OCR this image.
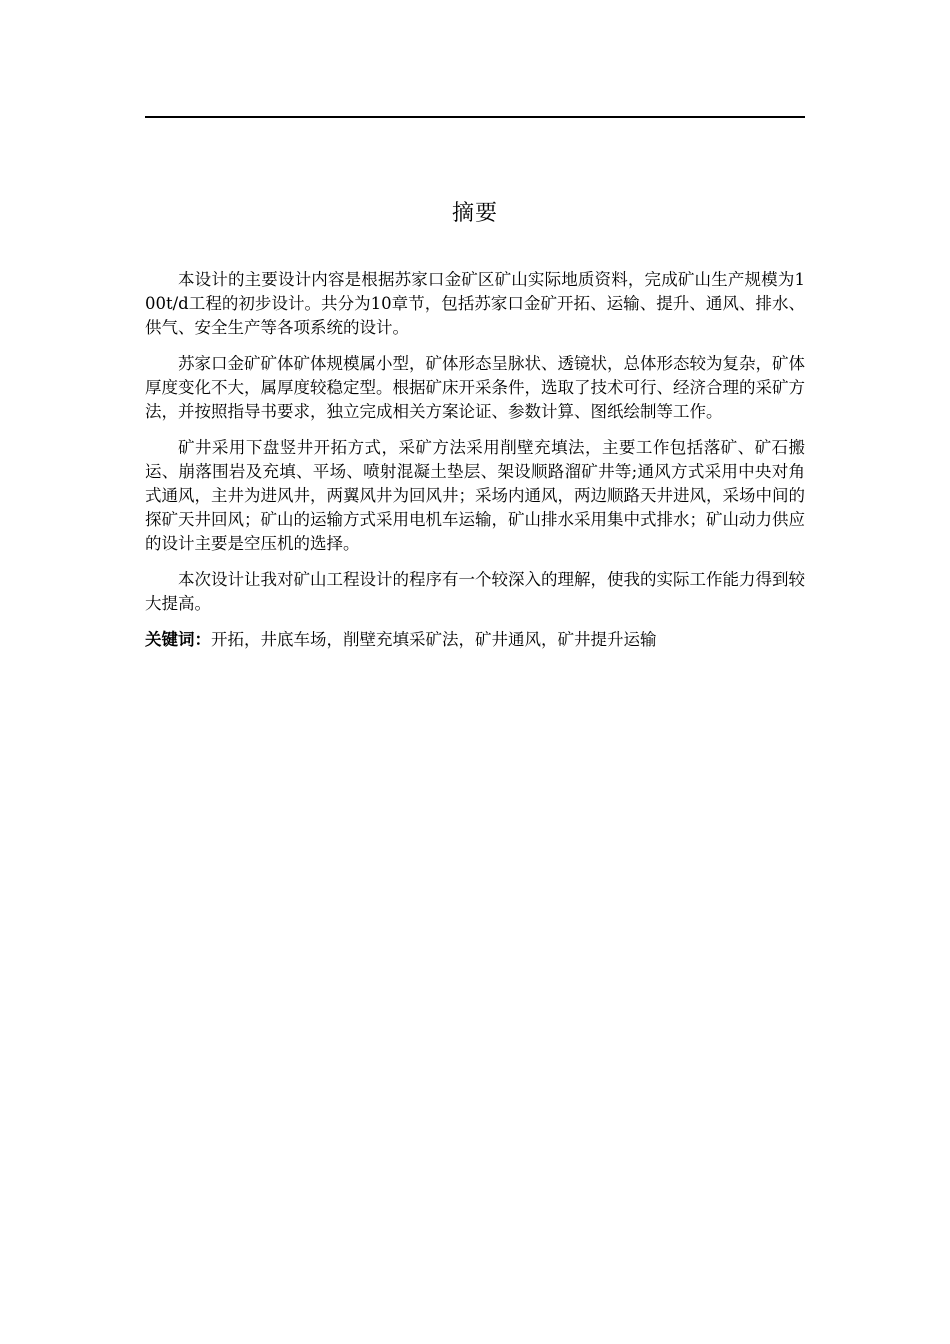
摘要

本设计的主要设计内容是根据苏家口金矿区矿山实际地质资料，完成矿山生产规模为100t/d工程的初步设计。共分为10章节，包括苏家口金矿开拓、运输、提升、通风、排水、供气、安全生产等各项系统的设计。

苏家口金矿矿体矿体规模属小型，矿体形态呈脉状、透镜状，总体形态较为复杂，矿体厚度变化不大，属厚度较稳定型。根据矿床开采条件，选取了技术可行、经济合理的采矿方法，并按照指导书要求，独立完成相关方案论证、参数计算、图纸绘制等工作。

矿井采用下盘竖井开拓方式，采矿方法采用削壁充填法，主要工作包括落矿、矿石搬运、崩落围岩及充填、平场、喷射混凝土垫层、架设顺路溜矿井等;通风方式采用中央对角式通风，主井为进风井，两翼风井为回风井；采场内通风，两边顺路天井进风，采场中间的探矿天井回风；矿山的运输方式采用电机车运输，矿山排水采用集中式排水；矿山动力供应的设计主要是空压机的选择。

本次设计让我对矿山工程设计的程序有一个较深入的理解，使我的实际工作能力得到较大提高。

关键词：开拓，井底车场，削壁充填采矿法，矿井通风，矿井提升运输
